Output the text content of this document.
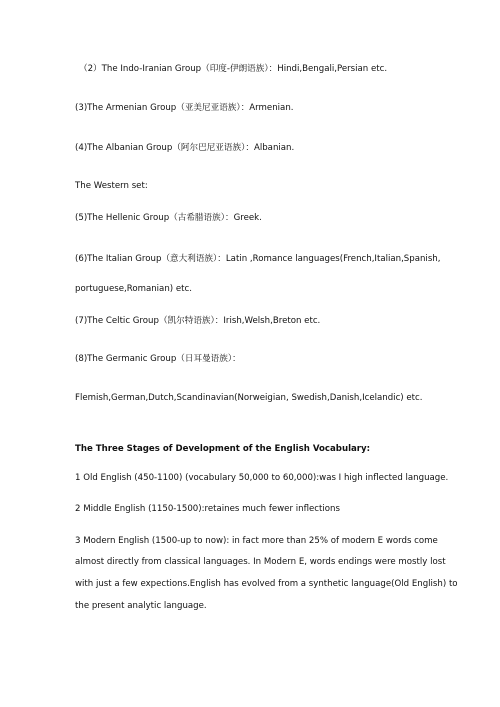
（2）The Indo-Iranian Group（印度-伊朗语族）：Hindi,Bengali,Persian etc.
(3)The Armenian Group（亚美尼亚语族）：Armenian.
(4)The Albanian Group（阿尔巴尼亚语族）：Albanian.
The Western set:
(5)The Hellenic Group（古希腊语族）：Greek.
(6)The Italian Group（意大利语族）：Latin ,Romance languages(French,Italian,Spanish,
portuguese,Romanian) etc.
(7)The Celtic Group（凯尔特语族）：Irish,Welsh,Breton etc.
(8)The Germanic Group（日耳曼语族）：
Flemish,German,Dutch,Scandinavian(Norweigian, Swedish,Danish,Icelandic) etc.
The Three Stages of Development of the English Vocabulary:
1 Old English (450-1100) (vocabulary 50,000 to 60,000):was I high inflected language.
2 Middle English (1150-1500):retaines much fewer inflections
3 Modern English (1500-up to now): in fact more than 25% of modern E words come
almost directly from classical languages. In Modern E, words endings were mostly lost
with just a few expections.English has evolved from a synthetic language(Old English) to
the present analytic language.
